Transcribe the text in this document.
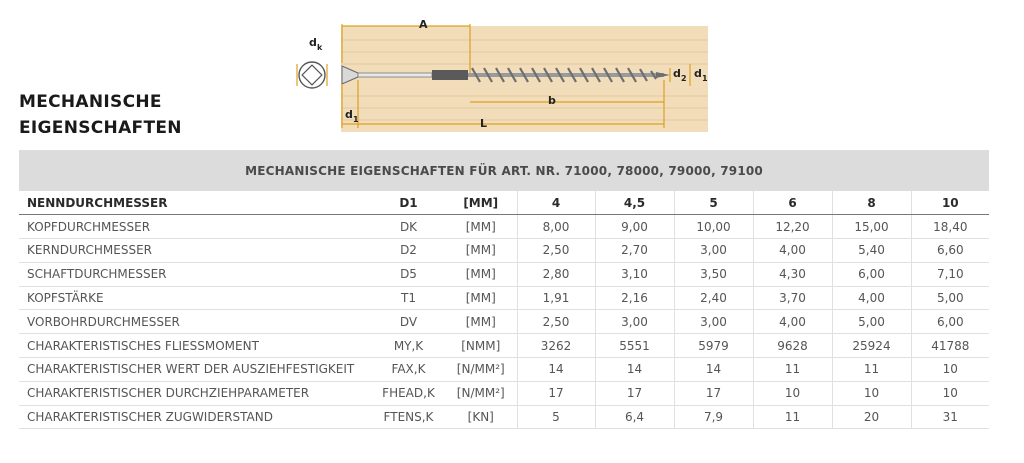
MECHANISCHE
EIGENSCHAFTEN
A
d k
d 1
b
L
d 2 d 1
MECHANISCHE EIGENSCHAFTEN FÜR ART. NR. 71000, 78000, 79000, 79100								
NENNDURCHMESSER	D1	[MM]	4	4,5	5	6	8	10
KOPFDURCHMESSER	DK	[MM]	8,00	9,00	10,00	12,20	15,00	18,40
KERNDURCHMESSER	D2	[MM]	2,50	2,70	3,00	4,00	5,40	6,60
SCHAFTDURCHMESSER	D5	[MM]	2,80	3,10	3,50	4,30	6,00	7,10
KOPFSTÄRKE	T1	[MM]	1,91	2,16	2,40	3,70	4,00	5,00
VORBOHRDURCHMESSER	DV	[MM]	2,50	3,00	3,00	4,00	5,00	6,00
CHARAKTERISTISCHES FLIESSMOMENT	MY,K	[NMM]	3262	5551	5979	9628	25924	41788
CHARAKTERISTISCHER WERT DER AUSZIEHFESTIGKEIT	FAX,K	[N/MM²]	14	14	14	11	11	10
CHARAKTERISTISCHER DURCHZIEHPARAMETER	FHEAD,K	[N/MM²]	17	17	17	10	10	10
CHARAKTERISTISCHER ZUGWIDERSTAND	FTENS,K	[KN]	5	6,4	7,9	11	20	31
